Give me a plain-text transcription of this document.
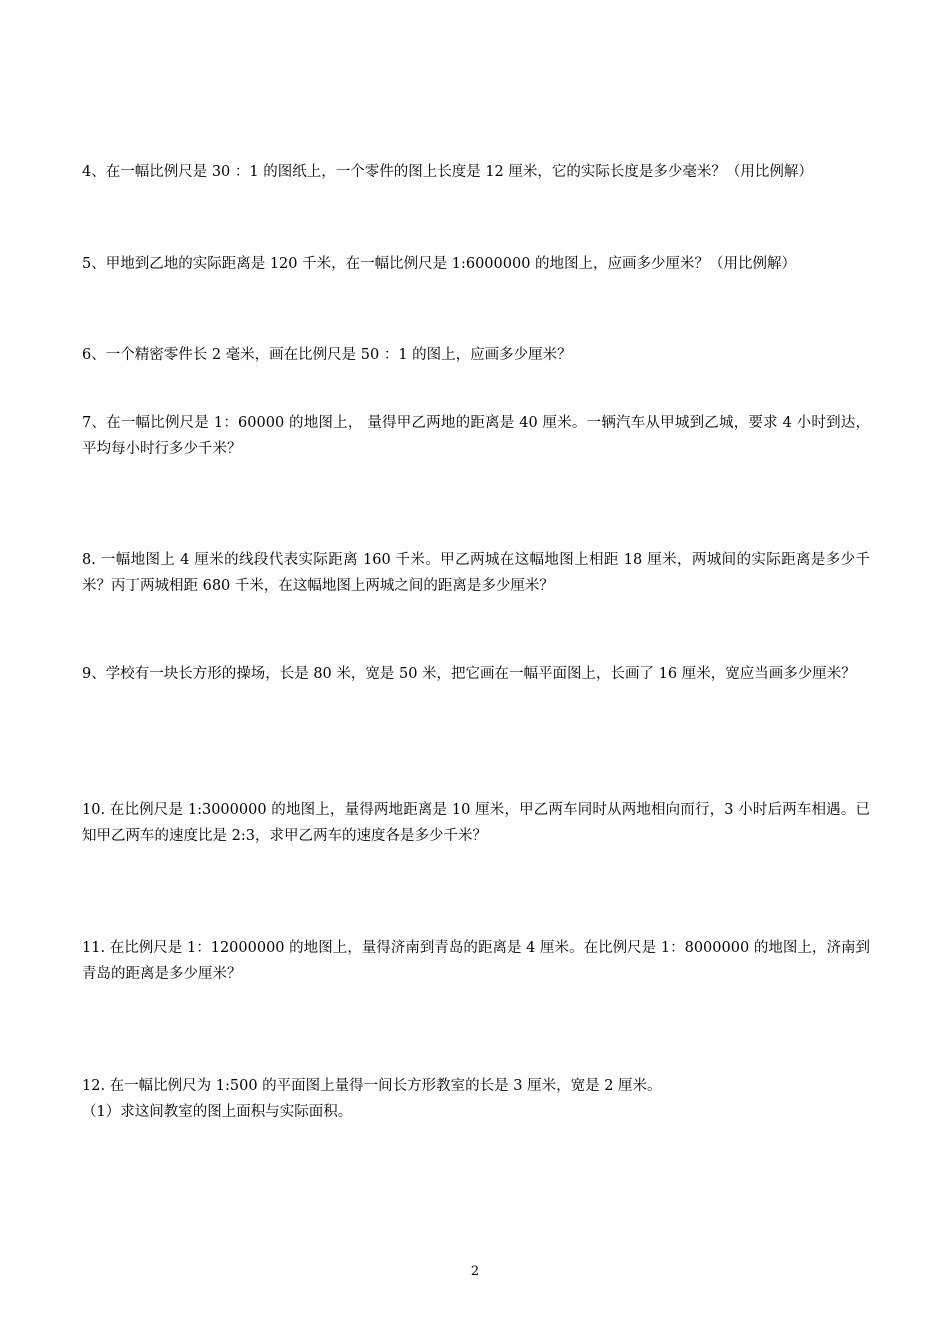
4、在一幅比例尺是 30 ：1 的图纸上，一个零件的图上长度是 12 厘米，它的实际长度是多少毫米？（用比例解）

5、甲地到乙地的实际距离是 120 千米，在一幅比例尺是 1:6000000 的地图上，应画多少厘米？（用比例解）

6、一个精密零件长 2 毫米，画在比例尺是 50 ：1 的图上，应画多少厘米？

7、在一幅比例尺是 1：60000 的地图上， 量得甲乙两地的距离是 40 厘米。一辆汽车从甲城到乙城，要求 4 小时到达，平均每小时行多少千米？

8. 一幅地图上 4 厘米的线段代表实际距离 160 千米。甲乙两城在这幅地图上相距 18 厘米，两城间的实际距离是多少千米？丙丁两城相距 680 千米，在这幅地图上两城之间的距离是多少厘米？

9、学校有一块长方形的操场，长是 80 米，宽是 50 米，把它画在一幅平面图上，长画了 16 厘米，宽应当画多少厘米？

10. 在比例尺是 1:3000000 的地图上，量得两地距离是 10 厘米，甲乙两车同时从两地相向而行，3 小时后两车相遇。已知甲乙两车的速度比是 2:3，求甲乙两车的速度各是多少千米？

11. 在比例尺是 1：12000000 的地图上，量得济南到青岛的距离是 4 厘米。在比例尺是 1：8000000 的地图上，济南到青岛的距离是多少厘米？

12. 在一幅比例尺为 1:500 的平面图上量得一间长方形教室的长是 3 厘米，宽是 2 厘米。

（1）求这间教室的图上面积与实际面积。

2
